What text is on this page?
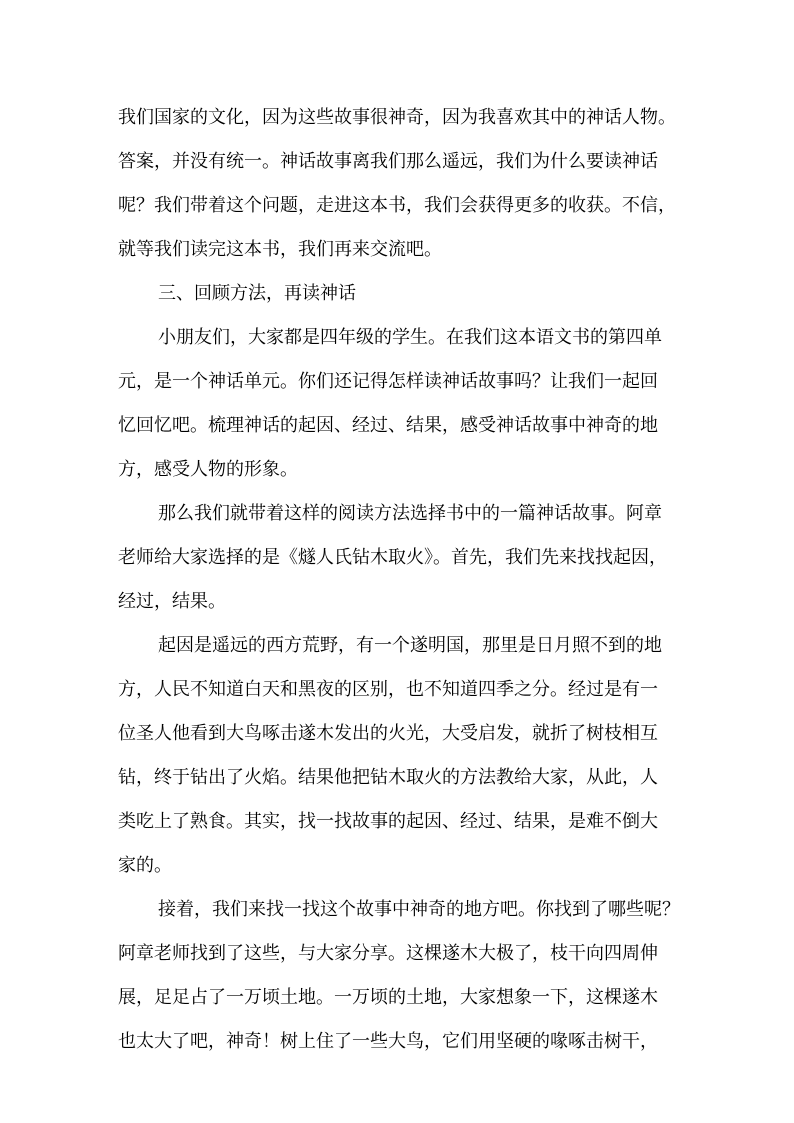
我们国家的文化，因为这些故事很神奇，因为我喜欢其中的神话人物。
答案，并没有统一。神话故事离我们那么遥远，我们为什么要读神话
呢？我们带着这个问题，走进这本书，我们会获得更多的收获。不信，
就等我们读完这本书，我们再来交流吧。
三、回顾方法，再读神话
小朋友们，大家都是四年级的学生。在我们这本语文书的第四单
元，是一个神话单元。你们还记得怎样读神话故事吗？让我们一起回
忆回忆吧。梳理神话的起因、经过、结果，感受神话故事中神奇的地
方，感受人物的形象。
那么我们就带着这样的阅读方法选择书中的一篇神话故事。阿章
老师给大家选择的是《燧人氏钻木取火》。首先，我们先来找找起因，
经过，结果。
起因是遥远的西方荒野，有一个遂明国，那里是日月照不到的地
方，人民不知道白天和黑夜的区别，也不知道四季之分。经过是有一
位圣人他看到大鸟啄击遂木发出的火光，大受启发，就折了树枝相互
钻，终于钻出了火焰。结果他把钻木取火的方法教给大家，从此，人
类吃上了熟食。其实，找一找故事的起因、经过、结果，是难不倒大
家的。
接着，我们来找一找这个故事中神奇的地方吧。你找到了哪些呢？
阿章老师找到了这些，与大家分享。这棵遂木大极了，枝干向四周伸
展，足足占了一万顷土地。一万顷的土地，大家想象一下，这棵遂木
也太大了吧，神奇！树上住了一些大鸟，它们用坚硬的喙啄击树干，
